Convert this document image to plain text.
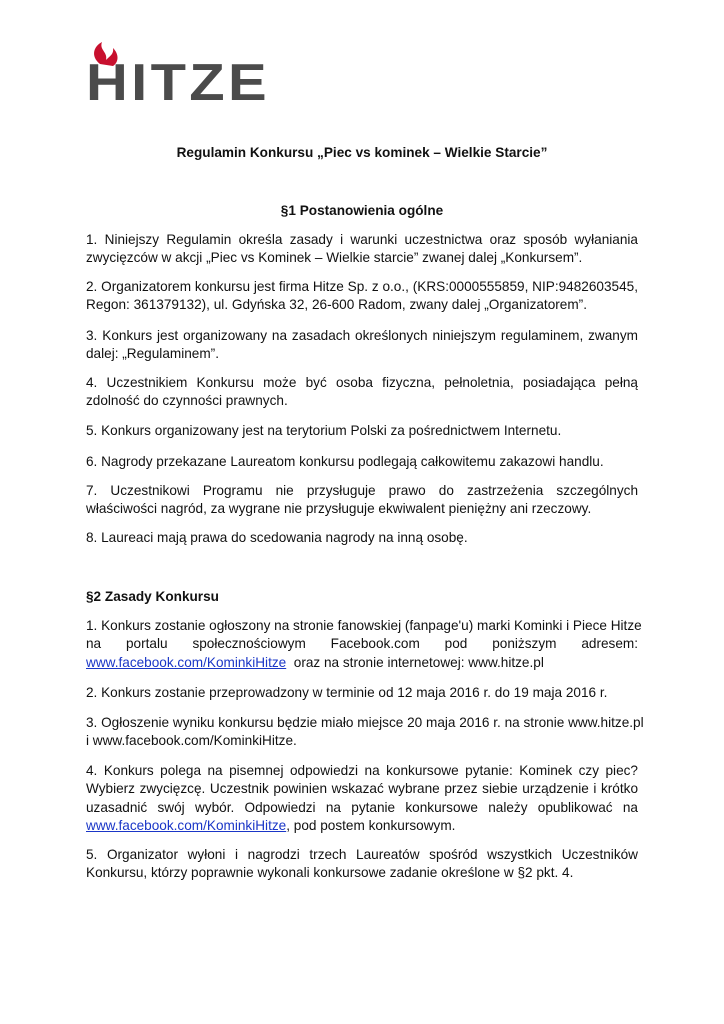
HITZE
Regulamin Konkursu „Piec vs kominek – Wielkie Starcie”
§1 Postanowienia ogólne

1. Niniejszy Regulamin określa zasady i warunki uczestnictwa oraz sposób wyłaniania zwycięzców w akcji „Piec vs Kominek – Wielkie starcie” zwanej dalej „Konkursem”.

2. Organizatorem konkursu jest firma Hitze Sp. z o.o., (KRS:0000555859, NIP:9482603545, Regon: 361379132), ul. Gdyńska 32, 26-600 Radom, zwany dalej „Organizatorem”.

3. Konkurs jest organizowany na zasadach określonych niniejszym regulaminem, zwanym dalej: „Regulaminem”.

4. Uczestnikiem Konkursu może być osoba fizyczna, pełnoletnia, posiadająca pełną zdolność do czynności prawnych.

5. Konkurs organizowany jest na terytorium Polski za pośrednictwem Internetu.

6. Nagrody przekazane Laureatom konkursu podlegają całkowitemu zakazowi handlu.

7. Uczestnikowi Programu nie przysługuje prawo do zastrzeżenia szczególnych właściwości nagród, za wygrane nie przysługuje ekwiwalent pieniężny ani rzeczowy.

8. Laureaci mają prawa do scedowania nagrody na inną osobę.

§2 Zasady Konkursu
1. Konkurs zostanie ogłoszony na stronie fanowskiej (fanpage'u) marki Kominki i Piece Hitze
na portalu społecznościowym Facebook.com pod poniższym adresem:
www.facebook.com/KominkiHitze  oraz na stronie internetowej: www.hitze.pl

2. Konkurs zostanie przeprowadzony w terminie od 12 maja 2016 r. do 19 maja 2016 r.

3. Ogłoszenie wyniku konkursu będzie miało miejsce 20 maja 2016 r. na stronie www.hitze.pl
i www.facebook.com/KominkiHitze.
4. Konkurs polega na pisemnej odpowiedzi na konkursowe pytanie: Kominek czy piec?
Wybierz zwycięzcę. Uczestnik powinien wskazać wybrane przez siebie urządzenie i krótko
uzasadnić swój wybór. Odpowiedzi na pytanie konkursowe należy opublikować na
www.facebook.com/KominkiHitze, pod postem konkursowym.
5. Organizator wyłoni i nagrodzi trzech Laureatów spośród wszystkich Uczestników
Konkursu, którzy poprawnie wykonali konkursowe zadanie określone w §2 pkt. 4.
